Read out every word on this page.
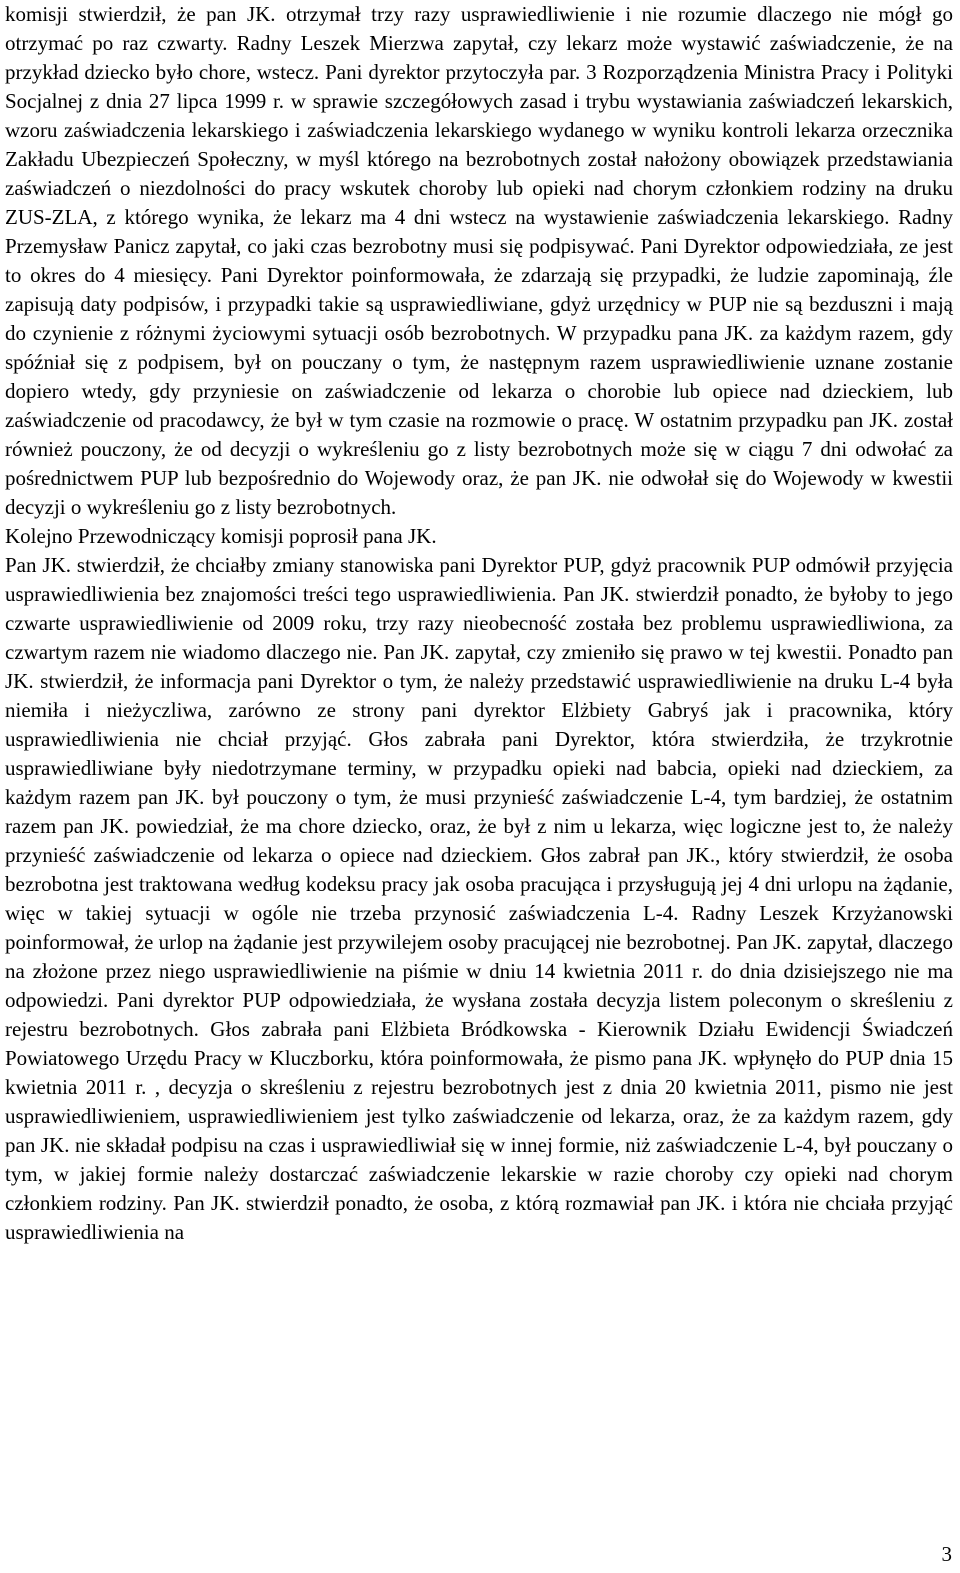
komisji stwierdził, że pan JK. otrzymał trzy razy usprawiedliwienie i nie rozumie dlaczego nie mógł go otrzymać po raz czwarty. Radny Leszek Mierzwa zapytał, czy lekarz może wystawić zaświadczenie, że na przykład dziecko było chore, wstecz. Pani dyrektor przytoczyła par. 3 Rozporządzenia Ministra Pracy i Polityki Socjalnej z dnia 27 lipca 1999 r. w sprawie szczegółowych zasad i trybu wystawiania zaświadczeń lekarskich, wzoru zaświadczenia lekarskiego i zaświadczenia lekarskiego wydanego w wyniku kontroli lekarza orzecznika Zakładu Ubezpieczeń Społeczny, w myśl którego na bezrobotnych został nałożony obowiązek przedstawiania zaświadczeń o niezdolności do pracy wskutek choroby lub opieki nad chorym członkiem rodziny na druku ZUS-ZLA, z którego wynika, że lekarz ma 4 dni wstecz na wystawienie zaświadczenia lekarskiego. Radny Przemysław Panicz zapytał, co jaki czas bezrobotny musi się podpisywać. Pani Dyrektor odpowiedziała, ze jest to okres do 4 miesięcy. Pani Dyrektor poinformowała, że zdarzają się przypadki, że ludzie zapominają, źle zapisują daty podpisów, i przypadki takie są usprawiedliwiane, gdyż urzędnicy w PUP nie są bezduszni i mają do czynienie z różnymi życiowymi sytuacji osób bezrobotnych. W przypadku pana JK. za każdym razem, gdy spóźniał się z podpisem, był on pouczany o tym, że następnym razem usprawiedliwienie uznane zostanie dopiero wtedy, gdy przyniesie on zaświadczenie od lekarza o chorobie lub opiece nad dzieckiem, lub zaświadczenie od pracodawcy, że był w tym czasie na rozmowie o pracę. W ostatnim przypadku pan JK. został również pouczony, że od decyzji o wykreśleniu go z listy bezrobotnych może się w ciągu 7 dni odwołać za pośrednictwem PUP lub bezpośrednio do Wojewody oraz, że pan JK. nie odwołał się do Wojewody w kwestii decyzji o wykreśleniu go z listy bezrobotnych.

Kolejno Przewodniczący komisji poprosił pana JK.

Pan JK. stwierdził, że chciałby zmiany stanowiska pani Dyrektor PUP, gdyż pracownik PUP odmówił przyjęcia usprawiedliwienia bez znajomości treści tego usprawiedliwienia. Pan JK. stwierdził ponadto, że byłoby to jego czwarte usprawiedliwienie od 2009 roku, trzy razy nieobecność została bez problemu usprawiedliwiona, za czwartym razem nie wiadomo dlaczego nie. Pan JK. zapytał, czy zmieniło się prawo w tej kwestii. Ponadto pan JK. stwierdził, że informacja pani Dyrektor o tym, że należy przedstawić usprawiedliwienie na druku L-4 była niemiła i nieżyczliwa, zarówno ze strony pani dyrektor Elżbiety Gabryś jak i pracownika, który usprawiedliwienia nie chciał przyjąć. Głos zabrała pani Dyrektor, która stwierdziła, że trzykrotnie usprawiedliwiane były niedotrzymane terminy, w przypadku opieki nad babcia, opieki nad dzieckiem, za każdym razem pan JK. był pouczony o tym, że musi przynieść zaświadczenie L-4, tym bardziej, że ostatnim razem pan JK. powiedział, że ma chore dziecko, oraz, że był z nim u lekarza, więc logiczne jest to, że należy przynieść zaświadczenie od lekarza o opiece nad dzieckiem. Głos zabrał pan JK., który stwierdził, że osoba bezrobotna jest traktowana według kodeksu pracy jak osoba pracująca i przysługują jej 4 dni urlopu na żądanie, więc w takiej sytuacji w ogóle nie trzeba przynosić zaświadczenia L-4. Radny Leszek Krzyżanowski poinformował, że urlop na żądanie jest przywilejem osoby pracującej nie bezrobotnej. Pan JK. zapytał, dlaczego na złożone przez niego usprawiedliwienie na piśmie w dniu 14 kwietnia 2011 r. do dnia dzisiejszego nie ma odpowiedzi. Pani dyrektor PUP odpowiedziała, że wysłana została decyzja listem poleconym o skreśleniu z rejestru bezrobotnych. Głos zabrała pani Elżbieta Bródkowska - Kierownik Działu Ewidencji Świadczeń Powiatowego Urzędu Pracy w Kluczborku, która poinformowała, że pismo pana JK. wpłynęło do PUP dnia 15 kwietnia 2011 r. , decyzja o skreśleniu z rejestru bezrobotnych jest z dnia 20 kwietnia 2011, pismo nie jest usprawiedliwieniem, usprawiedliwieniem jest tylko zaświadczenie od lekarza, oraz, że za każdym razem, gdy pan JK. nie składał podpisu na czas i usprawiedliwiał się w innej formie, niż zaświadczenie L-4, był pouczany o tym, w jakiej formie należy dostarczać zaświadczenie lekarskie w razie choroby czy opieki nad chorym członkiem rodziny. Pan JK. stwierdził ponadto, że osoba, z którą rozmawiał pan JK. i która nie chciała przyjąć usprawiedliwienia na

3
